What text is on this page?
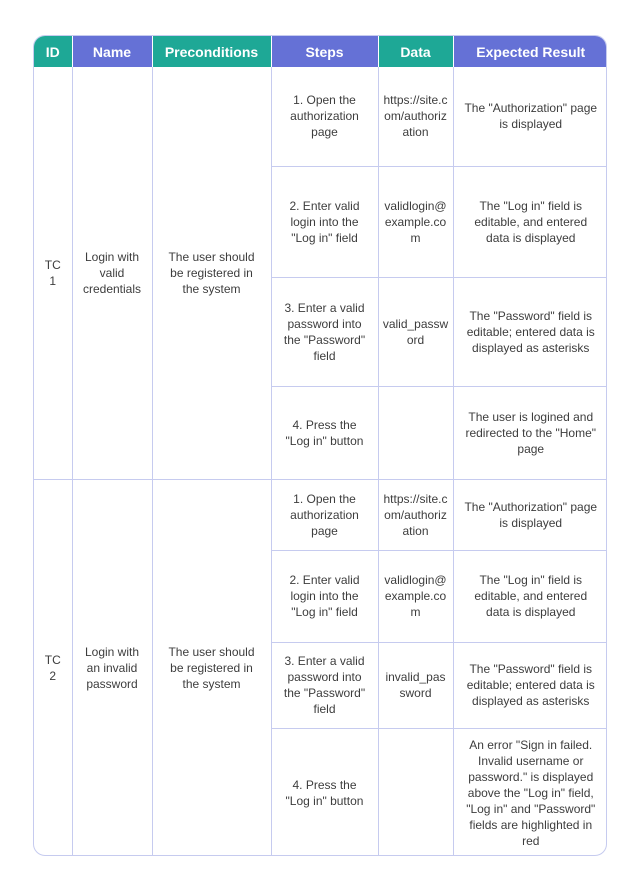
ID	Name	Preconditions	Steps	Data	Expected Result
TC1	Login with valid credentials	The user should be registered in the system	1. Open the authorization page	https://site.com/authorization	The "Authorization" page is displayed
			2. Enter valid login into the "Log in" field	validlogin@example.com	The "Log in" field is editable, and entered data is displayed
			3. Enter a valid password into the "Password" field	valid_password	The "Password" field is editable; entered data is displayed as asterisks
			4. Press the "Log in" button		The user is logined and redirected to the "Home" page
TC2	Login with an invalid password	The user should be registered in the system	1. Open the authorization page	https://site.com/authorization	The "Authorization" page is displayed
			2. Enter valid login into the "Log in" field	validlogin@example.com	The "Log in" field is editable, and entered data is displayed
			3. Enter a valid password into the "Password" field	invalid_password	The "Password" field is editable; entered data is displayed as asterisks
			4. Press the "Log in" button		An error "Sign in failed. Invalid username or password." is displayed above the "Log in" field, "Log in" and "Password" fields are highlighted in red
